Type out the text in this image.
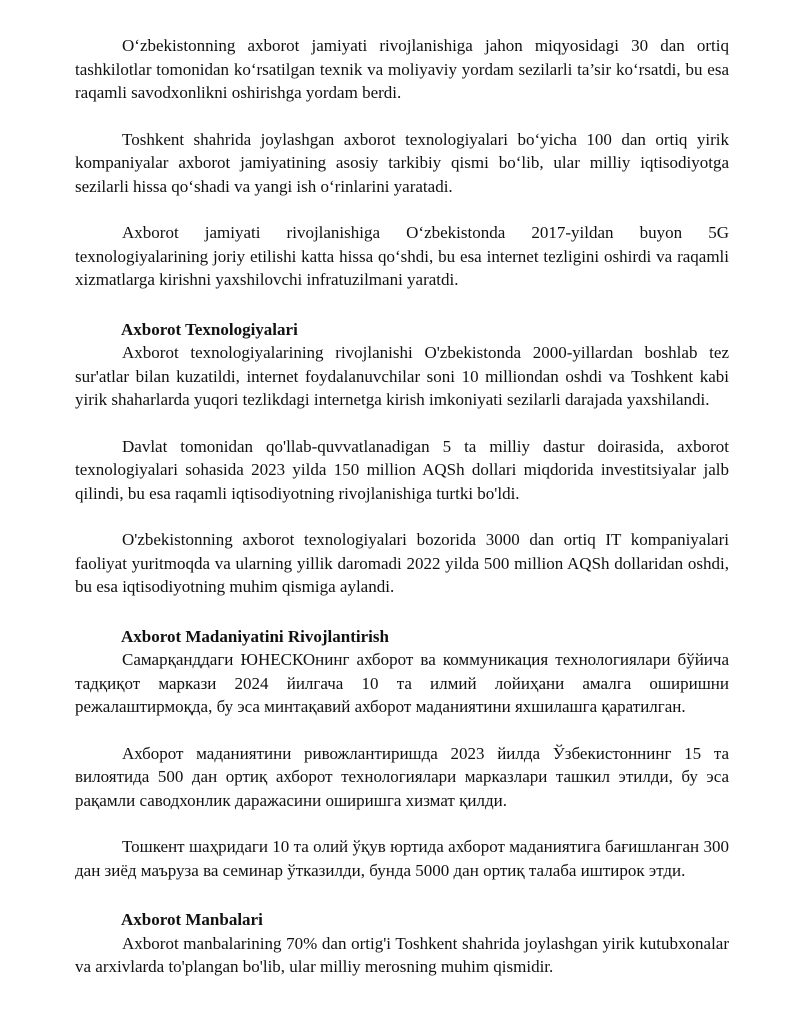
O‘zbekistonning axborot jamiyati rivojlanishiga jahon miqyosidagi 30 dan ortiq tashkilotlar tomonidan ko‘rsatilgan texnik va moliyaviy yordam sezilarli ta’sir ko‘rsatdi, bu esa raqamli savodxonlikni oshirishga yordam berdi.

Toshkent shahrida joylashgan axborot texnologiyalari bo‘yicha 100 dan ortiq yirik kompaniyalar axborot jamiyatining asosiy tarkibiy qismi bo‘lib, ular milliy iqtisodiyotga sezilarli hissa qo‘shadi va yangi ish o‘rinlarini yaratadi.

Axborot jamiyati rivojlanishiga O‘zbekistonda 2017-yildan buyon 5G texnologiyalarining joriy etilishi katta hissa qo‘shdi, bu esa internet tezligini oshirdi va raqamli xizmatlarga kirishni yaxshilovchi infratuzilmani yaratdi.

Axborot Texnologiyalari

Axborot texnologiyalarining rivojlanishi O'zbekistonda 2000-yillardan boshlab tez sur'atlar bilan kuzatildi, internet foydalanuvchilar soni 10 milliondan oshdi va Toshkent kabi yirik shaharlarda yuqori tezlikdagi internetga kirish imkoniyati sezilarli darajada yaxshilandi.

Davlat tomonidan qo'llab-quvvatlanadigan 5 ta milliy dastur doirasida, axborot texnologiyalari sohasida 2023 yilda 150 million AQSh dollari miqdorida investitsiyalar jalb qilindi, bu esa raqamli iqtisodiyotning rivojlanishiga turtki bo'ldi.

O'zbekistonning axborot texnologiyalari bozorida 3000 dan ortiq IT kompaniyalari faoliyat yuritmoqda va ularning yillik daromadi 2022 yilda 500 million AQSh dollaridan oshdi, bu esa iqtisodiyotning muhim qismiga aylandi.

Axborot Madaniyatini Rivojlantirish

Самарқанддаги ЮНЕСКОнинг ахборот ва коммуникация технологиялари бўйича тадқиқот маркази 2024 йилгача 10 та илмий лойиҳани амалга оширишни режалаштирмоқда, бу эса минтақавий ахборот маданиятини яхшилашга қаратилган.

Ахборот маданиятини ривожлантиришда 2023 йилда Ўзбекистоннинг 15 та вилоятида 500 дан ортиқ ахборот технологиялари марказлари ташкил этилди, бу эса рақамли саводхонлик даражасини оширишга хизмат қилди.

Тошкент шаҳридаги 10 та олий ўқув юртида ахборот маданиятига бағишланган 300 дан зиёд маъруза ва семинар ўтказилди, бунда 5000 дан ортиқ талаба иштирок этди.

Axborot Manbalari

Axborot manbalarining 70% dan ortig'i Toshkent shahrida joylashgan yirik kutubxonalar va arxivlarda to'plangan bo'lib, ular milliy merosning muhim qismidir.
